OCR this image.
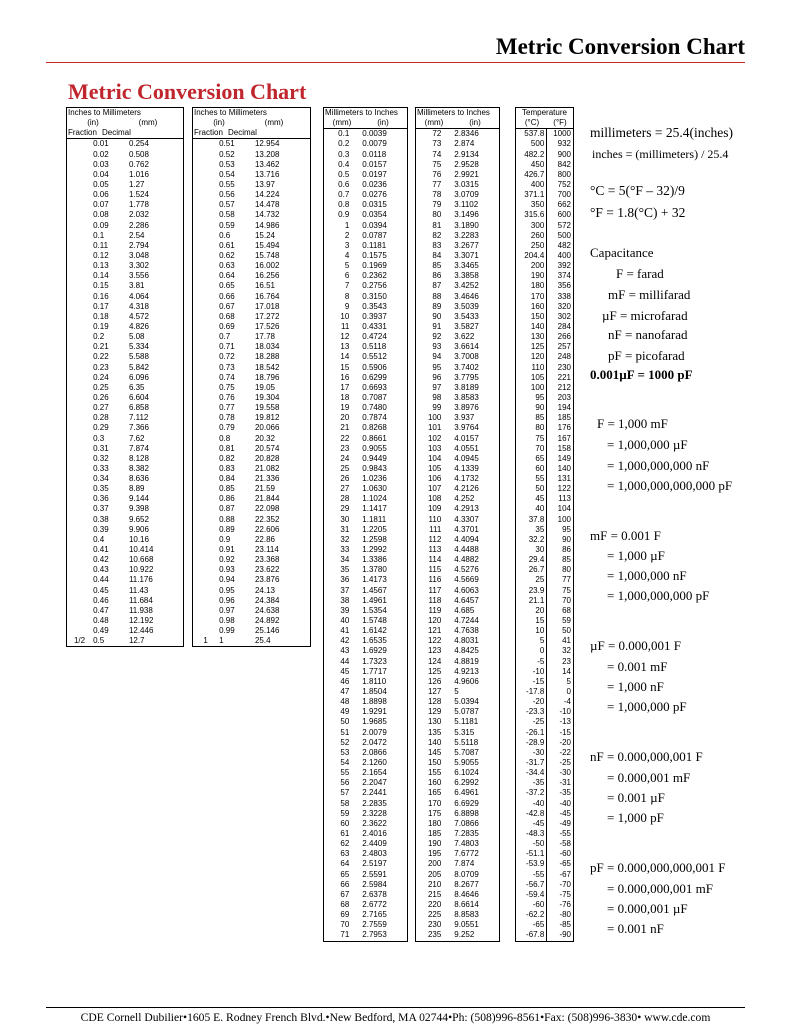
Metric Conversion Chart
Metric Conversion Chart
Inches to Millimeters
(in)	(mm)
Fraction Decimal
0.01	0.254
0.02	0.508
0.03	0.762
0.04	1.016
0.05	1.27
0.06	1.524
0.07	1.778
0.08	2.032
0.09	2.286
0.1	2.54
0.11	2.794
0.12	3.048
0.13	3.302
0.14	3.556
0.15	3.81
0.16	4.064
0.17	4.318
0.18	4.572
0.19	4.826
0.2	5.08
0.21	5.334
0.22	5.588
0.23	5.842
0.24	6.096
0.25	6.35
0.26	6.604
0.27	6.858
0.28	7.112
0.29	7.366
0.3	7.62
0.31	7.874
0.32	8.128
0.33	8.382
0.34	8.636
0.35	8.89
0.36	9.144
0.37	9.398
0.38	9.652
0.39	9.906
0.4	10.16
0.41	10.414
0.42	10.668
0.43	10.922
0.44	11.176
0.45	11.43
0.46	11.684
0.47	11.938
0.48	12.192
0.49	12.446
1/2	0.5	12.7
Inches to Millimeters
(in)	(mm)
Fraction Decimal
0.51	12.954
0.52	13.208
0.53	13.462
0.54	13.716
0.55	13.97
0.56	14.224
0.57	14.478
0.58	14.732
0.59	14.986
0.6	15.24
0.61	15.494
0.62	15.748
0.63	16.002
0.64	16.256
0.65	16.51
0.66	16.764
0.67	17.018
0.68	17.272
0.69	17.526
0.7	17.78
0.71	18.034
0.72	18.288
0.73	18.542
0.74	18.796
0.75	19.05
0.76	19.304
0.77	19.558
0.78	19.812
0.79	20.066
0.8	20.32
0.81	20.574
0.82	20.828
0.83	21.082
0.84	21.336
0.85	21.59
0.86	21.844
0.87	22.098
0.88	22.352
0.89	22.606
0.9	22.86
0.91	23.114
0.92	23.368
0.93	23.622
0.94	23.876
0.95	24.13
0.96	24.384
0.97	24.638
0.98	24.892
0.99	25.146
1	1	25.4
Millimeters to Inches
(mm)	(in)
0.1	0.0039
0.2	0.0079
0.3	0.0118
0.4	0.0157
0.5	0.0197
0.6	0.0236
0.7	0.0276
0.8	0.0315
0.9	0.0354
1	0.0394
2	0.0787
3	0.1181
4	0.1575
5	0.1969
6	0.2362
7	0.2756
8	0.3150
9	0.3543
10	0.3937
11	0.4331
12	0.4724
13	0.5118
14	0.5512
15	0.5906
16	0.6299
17	0.6693
18	0.7087
19	0.7480
20	0.7874
21	0.8268
22	0.8661
23	0.9055
24	0.9449
25	0.9843
26	1.0236
27	1.0630
28	1.1024
29	1.1417
30	1.1811
31	1.2205
32	1.2598
33	1.2992
34	1.3386
35	1.3780
36	1.4173
37	1.4567
38	1.4961
39	1.5354
40	1.5748
41	1.6142
42	1.6535
43	1.6929
44	1.7323
45	1.7717
46	1.8110
47	1.8504
48	1.8898
49	1.9291
50	1.9685
51	2.0079
52	2.0472
53	2.0866
54	2.1260
55	2.1654
56	2.2047
57	2.2441
58	2.2835
59	2.3228
60	2.3622
61	2.4016
62	2.4409
63	2.4803
64	2.5197
65	2.5591
66	2.5984
67	2.6378
68	2.6772
69	2.7165
70	2.7559
71	2.7953
Millimeters to Inches
(mm)	(in)
72	2.8346
73	2.874
74	2.9134
75	2.9528
76	2.9921
77	3.0315
78	3.0709
79	3.1102
80	3.1496
81	3.1890
82	3.2283
83	3.2677
84	3.3071
85	3.3465
86	3.3858
87	3.4252
88	3.4646
89	3.5039
90	3.5433
91	3.5827
92	3.622
93	3.6614
94	3.7008
95	3.7402
96	3.7795
97	3.8189
98	3.8583
99	3.8976
100	3.937
101	3.9764
102	4.0157
103	4.0551
104	4.0945
105	4.1339
106	4.1732
107	4.2126
108	4.252
109	4.2913
110	4.3307
111	4.3701
112	4.4094
113	4.4488
114	4.4882
115	4.5276
116	4.5669
117	4.6063
118	4.6457
119	4.685
120	4.7244
121	4.7638
122	4.8031
123	4.8425
124	4.8819
125	4.9213
126	4.9606
127	5
128	5.0394
129	5.0787
130	5.1181
135	5.315
140	5.5118
145	5.7087
150	5.9055
155	6.1024
160	6.2992
165	6.4961
170	6.6929
175	6.8898
180	7.0866
185	7.2835
190	7.4803
195	7.6772
200	7.874
205	8.0709
210	8.2677
215	8.4646
220	8.6614
225	8.8583
230	9.0551
235	9.252
Temperature
(°C)	(°F)
537.8	1000
500	932
482.2	900
450	842
426.7	800
400	752
371.1	700
350	662
315.6	600
300	572
260	500
250	482
204.4	400
200	392
190	374
180	356
170	338
160	320
150	302
140	284
130	266
125	257
120	248
110	230
105	221
100	212
95	203
90	194
85	185
80	176
75	167
70	158
65	149
60	140
55	131
50	122
45	113
40	104
37.8	100
35	95
32.2	90
30	86
29.4	85
26.7	80
25	77
23.9	75
21.1	70
20	68
15	59
10	50
5	41
0	32
-5	23
-10	14
-15	5
-17.8	0
-20	-4
-23.3	-10
-25	-13
-26.1	-15
-28.9	-20
-30	-22
-31.7	-25
-34.4	-30
-35	-31
-37.2	-35
-40	-40
-42.8	-45
-45	-49
-48.3	-55
-50	-58
-51.1	-60
-53.9	-65
-55	-67
-56.7	-70
-59.4	-75
-60	-76
-62.2	-80
-65	-85
-67.8	-90
millimeters = 25.4(inches)
inches = (millimeters) / 25.4
°C = 5(°F – 32)/9
°F = 1.8(°C) + 32
Capacitance
F = farad
mF = millifarad
µF = microfarad
nF = nanofarad
pF = picofarad
0.001µF = 1000 pF
F = 1,000 mF
= 1,000,000 µF
= 1,000,000,000 nF
= 1,000,000,000,000 pF
mF = 0.001 F
= 1,000 µF
= 1,000,000 nF
= 1,000,000,000 pF
µF = 0.000,001 F
= 0.001 mF
= 1,000 nF
= 1,000,000 pF
nF = 0.000,000,001 F
= 0.000,001 mF
= 0.001 µF
= 1,000 pF
pF = 0.000,000,000,001 F
= 0.000,000,001 mF
= 0.000,001 µF
= 0.001 nF
CDE Cornell Dubilier•1605 E. Rodney French Blvd.•New Bedford, MA 02744•Ph: (508)996-8561•Fax: (508)996-3830• www.cde.com
